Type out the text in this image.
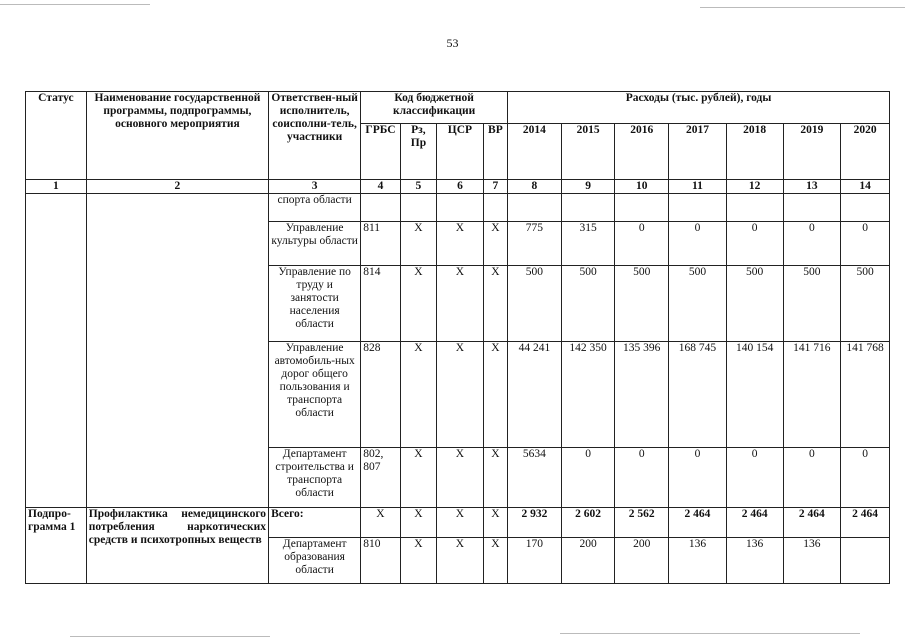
53
Статус	Наименование государственной программы, подпрограммы, основного мероприятия	Ответствен-ный исполнитель, соисполни-тель, участники	Код бюджетной классификации				Расходы (тыс. рублей), годы						
			ГРБС	Рз, Пр	ЦСР	ВР	2014	2015	2016	2017	2018	2019	2020
1	2	3	4	5	6	7	8	9	10	11	12	13	14
		спорта области											
		Управление культуры области	811	Х	Х	Х	775	315	0	0	0	0	0
		Управление по труду и занятости населения области	814	Х	Х	Х	500	500	500	500	500	500	500
		Управление автомобиль-ных дорог общего пользования и транспорта области	828	Х	Х	Х	44 241	142 350	135 396	168 745	140 154	141 716	141 768
		Департамент строительства и транспорта области	802, 807	Х	Х	Х	5634	0	0	0	0	0	0
Подпро-грамма 1	Профилактика немедицинского потребления наркотических средств и психотропных веществ	Всего:	Х	Х	Х	Х	2 932	2 602	2 562	2 464	2 464	2 464	2 464
		Департамент образования области	810	Х	Х	Х	170	200	200	136	136	136	
